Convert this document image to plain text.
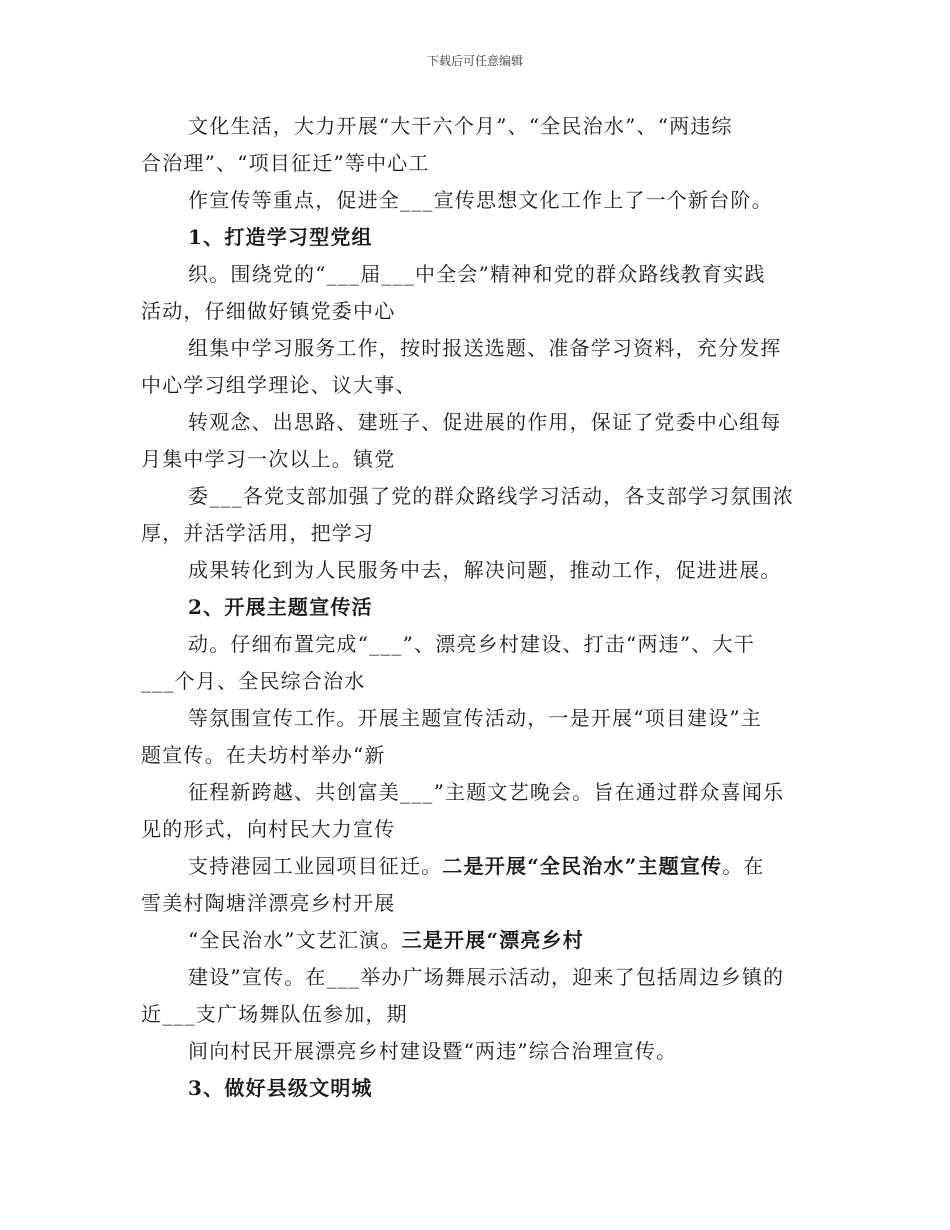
下载后可任意编辑
文化生活，大力开展“大干六个月”、“全民治水”、“两违综
合治理”、“项目征迁”等中心工
作宣传等重点，促进全___宣传思想文化工作上了一个新台阶。
1、打造学习型党组
织。围绕党的“___届___中全会”精神和党的群众路线教育实践
活动，仔细做好镇党委中心
组集中学习服务工作，按时报送选题、准备学习资料，充分发挥
中心学习组学理论、议大事、
转观念、出思路、建班子、促进展的作用，保证了党委中心组每
月集中学习一次以上。镇党
委___各党支部加强了党的群众路线学习活动，各支部学习氛围浓
厚，并活学活用，把学习
成果转化到为人民服务中去，解决问题，推动工作，促进进展。
2、开展主题宣传活
动。仔细布置完成“___”、漂亮乡村建设、打击“两违”、大干
___个月、全民综合治水
等氛围宣传工作。开展主题宣传活动，一是开展“项目建设”主
题宣传。在夫坊村举办“新
征程新跨越、共创富美___”主题文艺晚会。旨在通过群众喜闻乐
见的形式，向村民大力宣传
支持港园工业园项目征迁。二是开展“全民治水”主题宣传。在
雪美村陶塘洋漂亮乡村开展
“全民治水”文艺汇演。三是开展“漂亮乡村
建设”宣传。在___举办广场舞展示活动，迎来了包括周边乡镇的
近___支广场舞队伍参加，期
间向村民开展漂亮乡村建设暨“两违”综合治理宣传。
3、做好县级文明城
